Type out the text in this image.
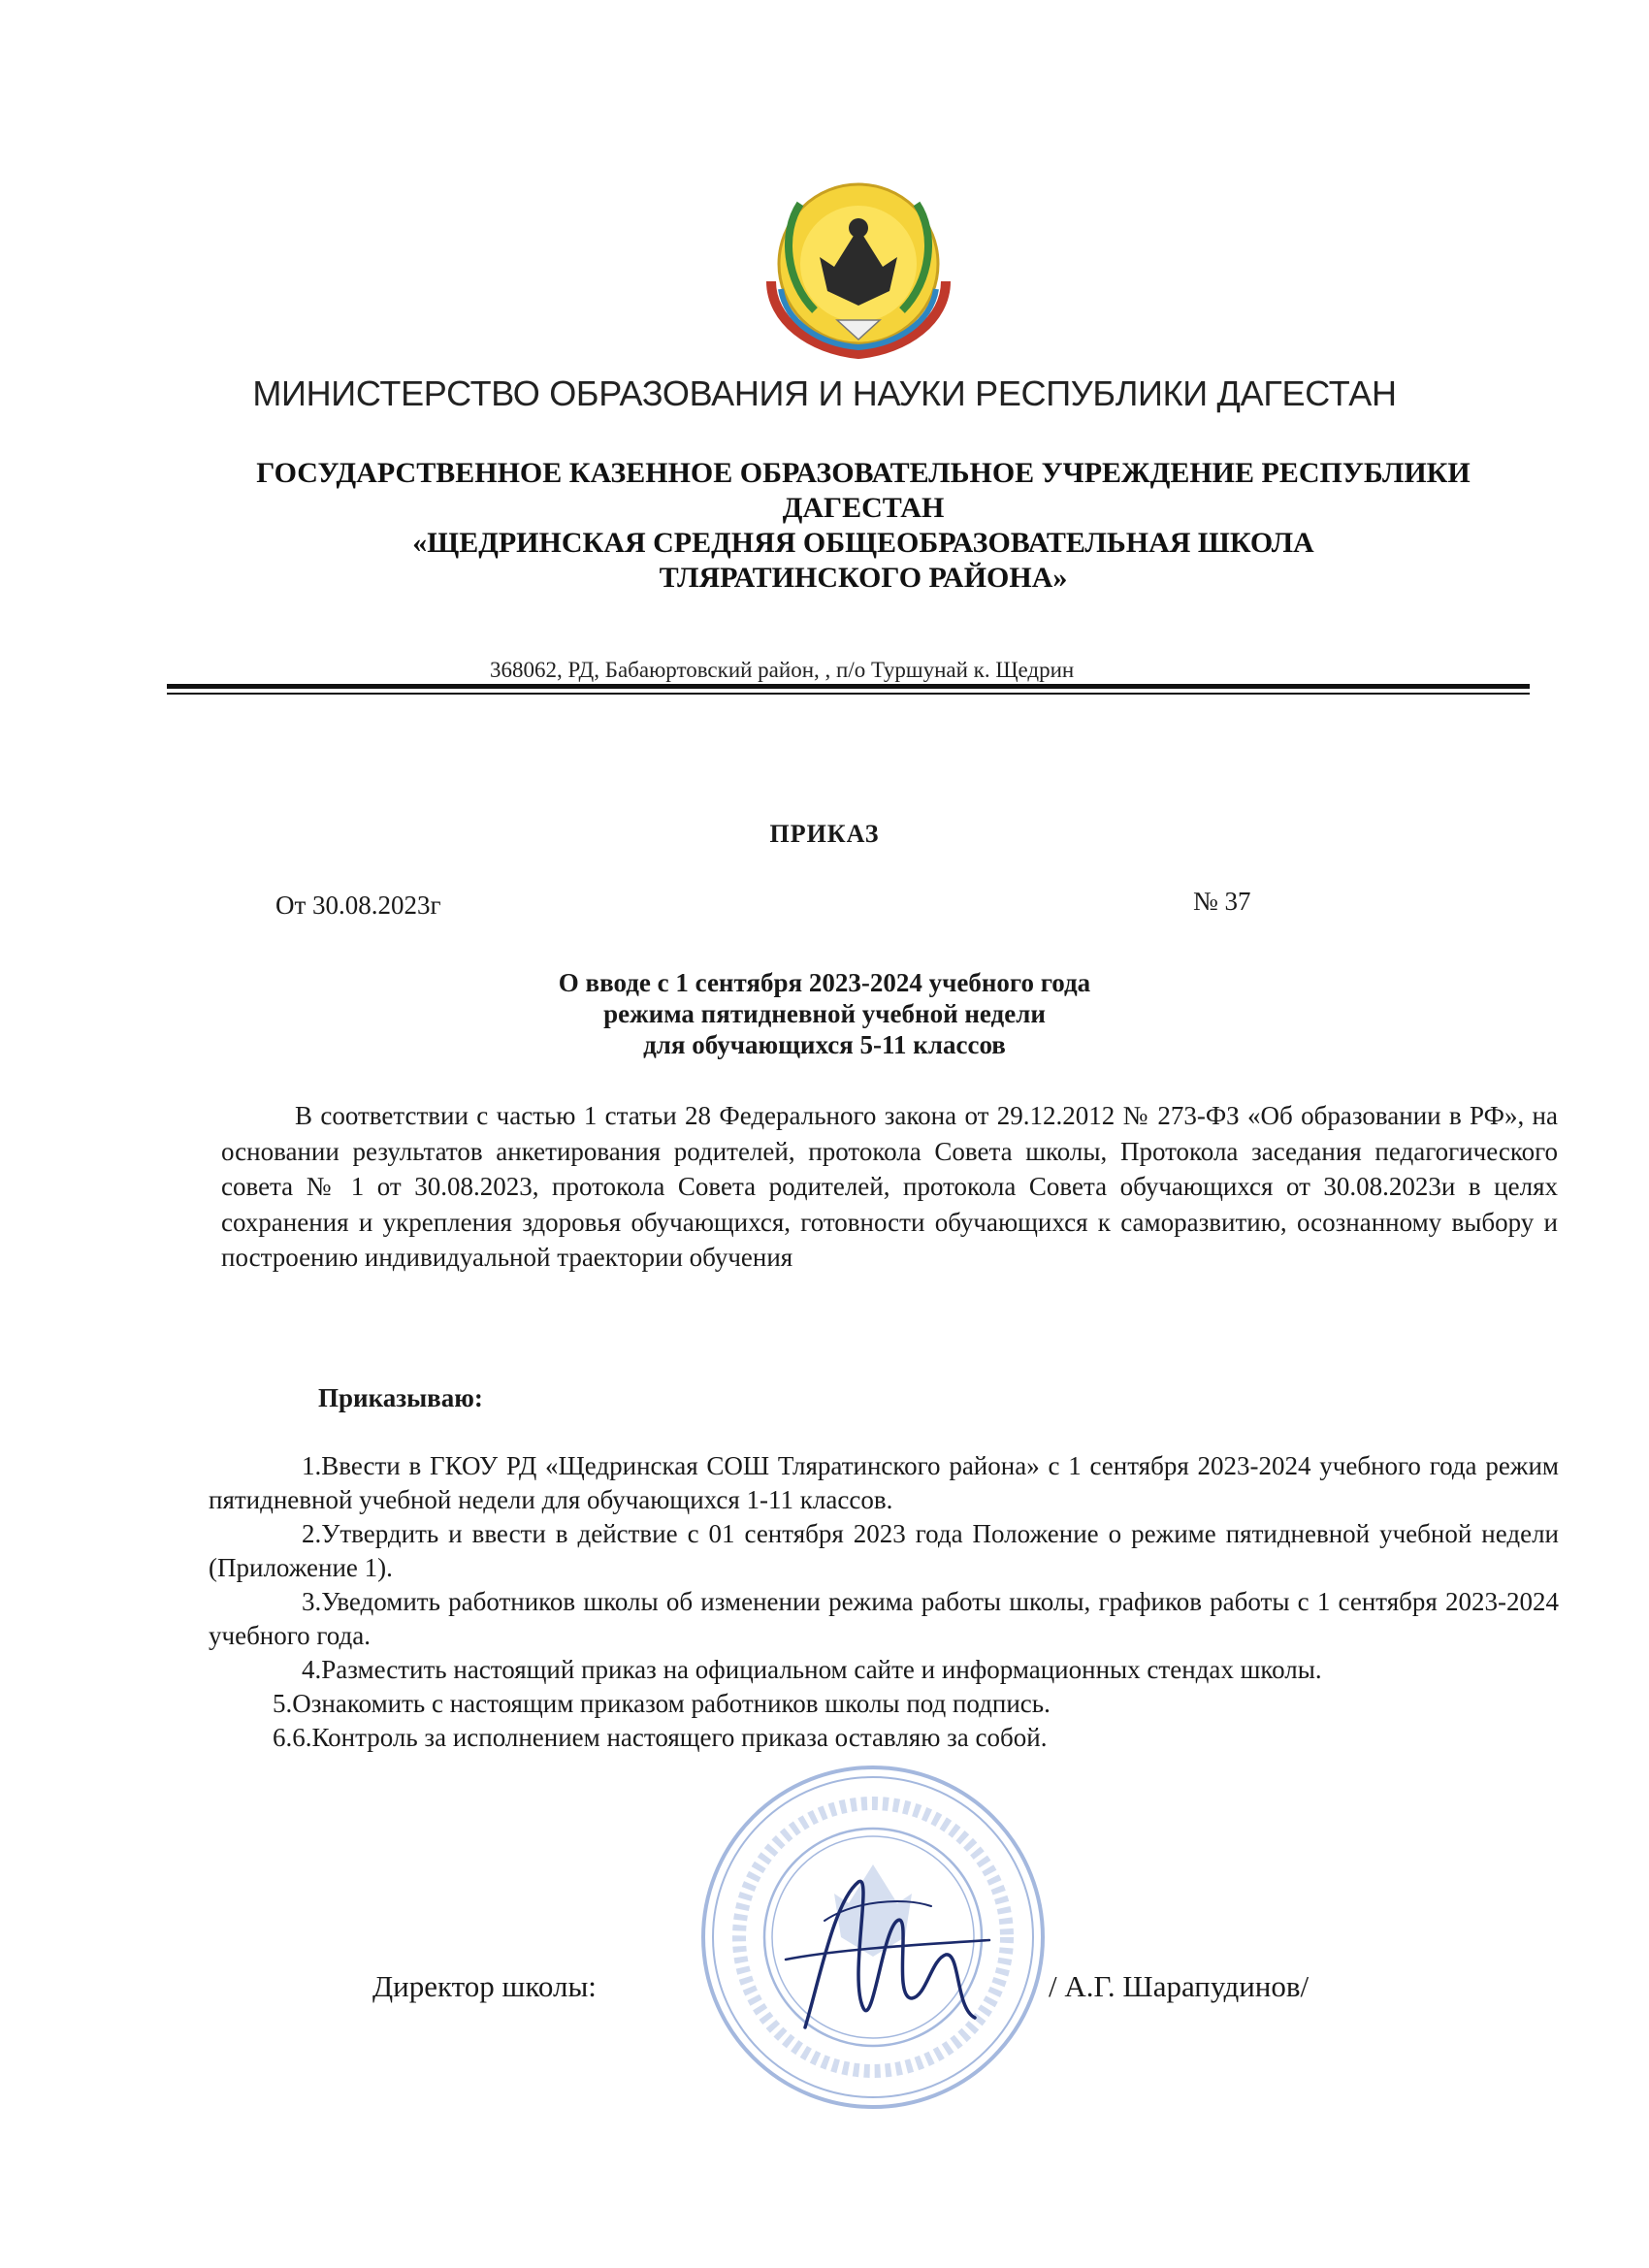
МИНИСТЕРСТВО ОБРАЗОВАНИЯ И НАУКИ РЕСПУБЛИКИ ДАГЕСТАН
ГОСУДАРСТВЕННОЕ КАЗЕННОЕ ОБРАЗОВАТЕЛЬНОЕ УЧРЕЖДЕНИЕ РЕСПУБЛИКИ
ДАГЕСТАН
«ЩЕДРИНСКАЯ СРЕДНЯЯ ОБЩЕОБРАЗОВАТЕЛЬНАЯ ШКОЛА
ТЛЯРАТИНСКОГО РАЙОНА»
368062, РД, Бабаюртовский район, , п/о Туршунай к. Щедрин
ПРИКАЗ
От 30.08.2023г	№ 37
О вводе с 1 сентября 2023-2024 учебного года
режима пятидневной учебной недели
для обучающихся 5-11 классов
В соответствии с частью 1 статьи 28 Федерального закона от 29.12.2012 № 273-ФЗ «Об образовании в РФ», на основании результатов анкетирования родителей, протокола Совета школы, Протокола заседания педагогического совета № 1 от 30.08.2023, протокола Совета родителей, протокола Совета обучающихся от 30.08.2023и в целях сохранения и укрепления здоровья обучающихся, готовности обучающихся к саморазвитию, осознанному выбору и построению индивидуальной траектории обучения
Приказываю:
1.Ввести в ГКОУ РД «Щедринская СОШ Тляратинского района» с 1 сентября 2023-2024 учебного года режим пятидневной учебной недели для обучающихся 1-11 классов.
2.Утвердить и ввести в действие с 01 сентября 2023 года Положение о режиме пятидневной учебной недели (Приложение 1).
3.Уведомить работников школы об изменении режима работы школы, графиков работы с 1 сентября 2023-2024 учебного года.
4.Разместить настоящий приказ на официальном сайте и информационных стендах школы.
5.Ознакомить с настоящим приказом работников школы под подпись.
6.6.Контроль за исполнением настоящего приказа оставляю за собой.
Директор школы:	/ А.Г. Шарапудинов/
